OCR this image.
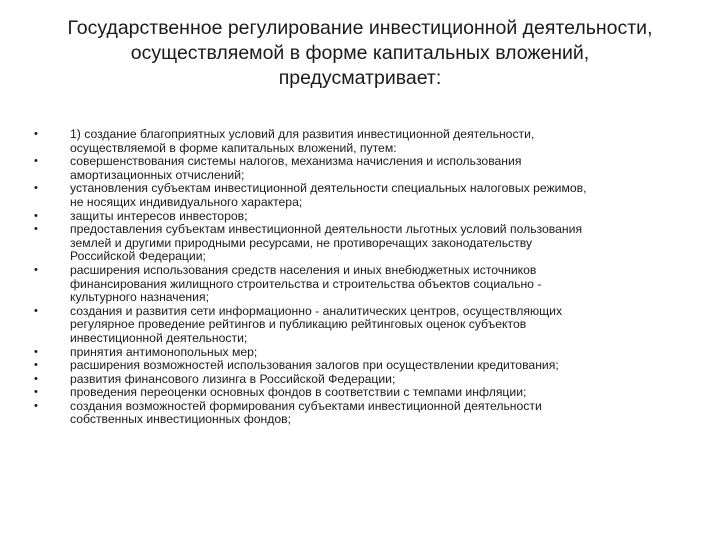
Государственное регулирование инвестиционной деятельности,
осуществляемой в форме капитальных вложений,
предусматривает:
•	1) создание благоприятных условий для развития инвестиционной деятельности,
осуществляемой в форме капитальных вложений, путем:
•	совершенствования системы налогов, механизма начисления и использования
амортизационных отчислений;
•	установления субъектам инвестиционной деятельности специальных налоговых режимов,
не носящих индивидуального характера;
•	защиты интересов инвесторов;
•	предоставления субъектам инвестиционной деятельности льготных условий пользования
землей и другими природными ресурсами, не противоречащих законодательству
Российской Федерации;
•	расширения использования средств населения и иных внебюджетных источников
финансирования жилищного строительства и строительства объектов социально -
культурного назначения;
•	создания и развития сети информационно - аналитических центров, осуществляющих
регулярное проведение рейтингов и публикацию рейтинговых оценок субъектов
инвестиционной деятельности;
•	принятия антимонопольных мер;
•	расширения возможностей использования залогов при осуществлении кредитования;
•	развития финансового лизинга в Российской Федерации;
•	проведения переоценки основных фондов в соответствии с темпами инфляции;
•	создания возможностей формирования субъектами инвестиционной деятельности
собственных инвестиционных фондов;
